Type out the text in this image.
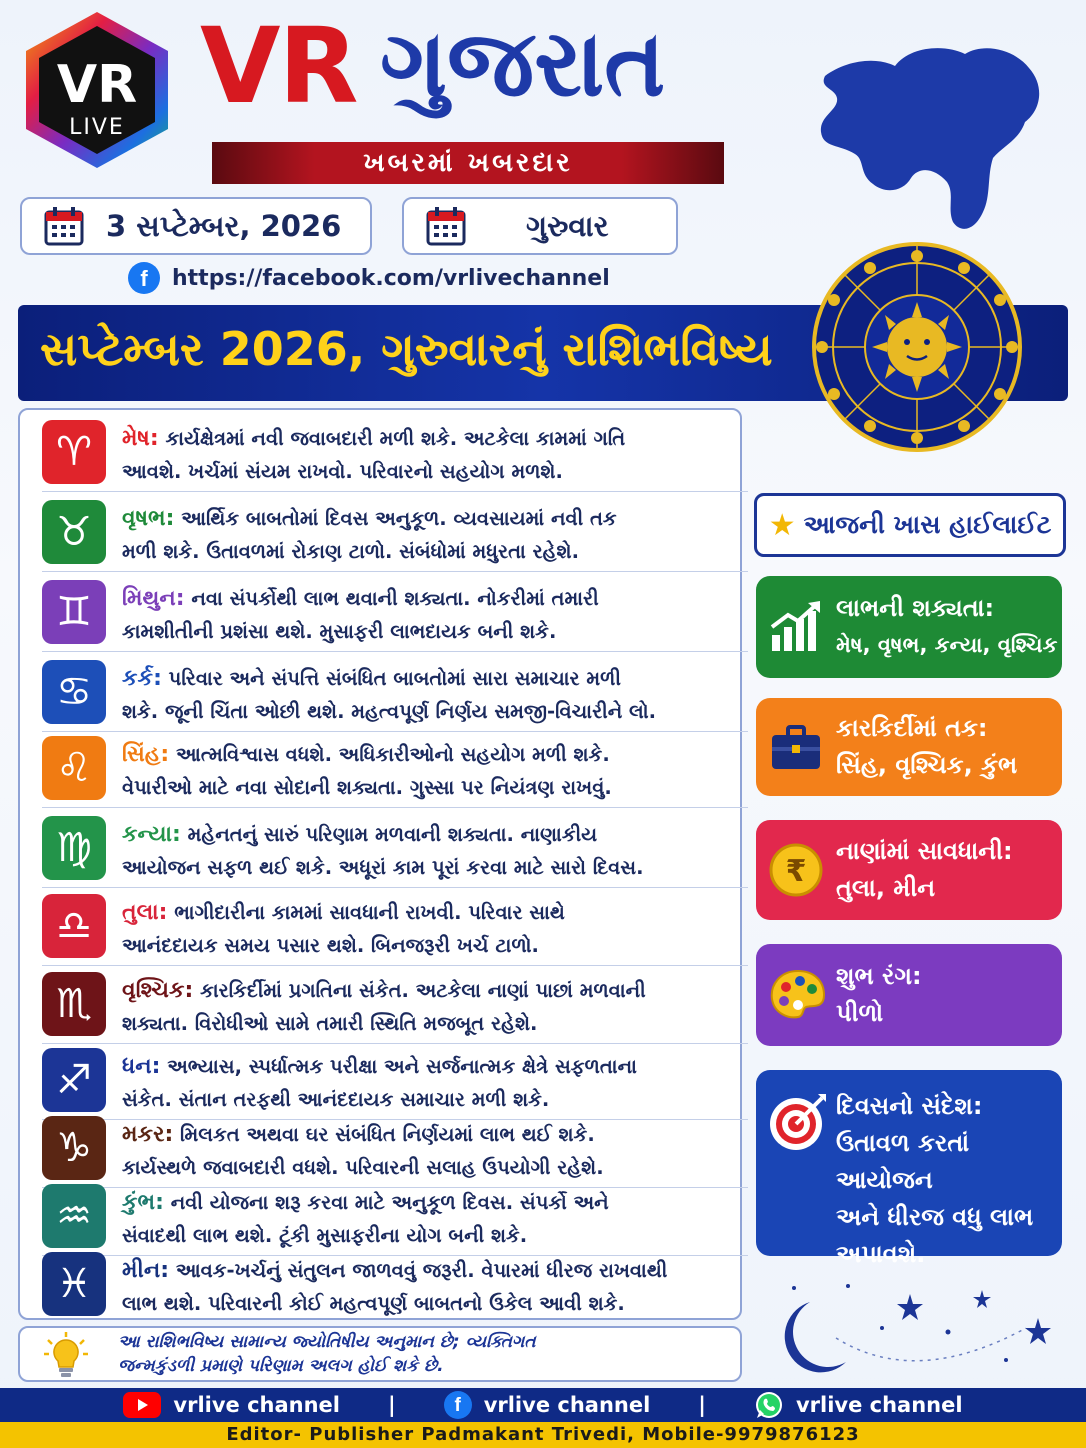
VR
LIVE
VR ગુજરાત
ખબરમાં ખબરદાર
3 સપ્ટેમ્બર, 2026	ગુરુવાર
f	https://facebook.com/vrlivechannel
સપ્ટેમ્બર 2026, ગુરુવારનું રાશિભવિષ્ય
♈	મેષ: કાર્યક્ષેત્રમાં નવી જવાબદારી મળી શકે. અટકેલા કામમાં ગતિ
આવશે. ખર્ચમાં સંયમ રાખવો. પરિવારનો સહયોગ મળશે.
♉	વૃષભ: આર્થિક બાબતોમાં દિવસ અનુકૂળ. વ્યવસાયમાં નવી તક
મળી શકે. ઉતાવળમાં રોકાણ ટાળો. સંબંધોમાં મધુરતા રહેશે.
♊	મિથુન: નવા સંપર્કોથી લાભ થવાની શક્યતા. નોકરીમાં તમારી
કામશીતીની પ્રશંસા થશે. મુસાફરી લાભદાયક બની શકે.
♋	કર્ક: પરિવાર અને સંપત્તિ સંબંધિત બાબતોમાં સારા સમાચાર મળી
શકે. જૂની ચિંતા ઓછી થશે. મહત્વપૂર્ણ નિર્ણય સમજી-વિચારીને લો.
♌	સિંહ: આત્મવિશ્વાસ વધશે. અધિકારીઓનો સહયોગ મળી શકે.
વેપારીઓ માટે નવા સોદાની શક્યતા. ગુસ્સા પર નિયંત્રણ રાખવું.
♍	કન્યા: મહેનતનું સારું પરિણામ મળવાની શક્યતા. નાણાકીય
આયોજન સફળ થઈ શકે. અધૂરાં કામ પૂરાં કરવા માટે સારો દિવસ.
♎	તુલા: ભાગીદારીના કામમાં સાવધાની રાખવી. પરિવાર સાથે
આનંદદાયક સમય પસાર થશે. બિનજરૂરી ખર્ચ ટાળો.
♏	વૃશ્ચિક: કારકિર્દીમાં પ્રગતિના સંકેત. અટકેલા નાણાં પાછાં મળવાની
શક્યતા. વિરોધીઓ સામે તમારી સ્થિતિ મજબૂત રહેશે.
♐	ધન: અભ્યાસ, સ્પર્ધાત્મક પરીક્ષા અને સર્જનાત્મક ક્ષેત્રે સફળતાના
સંકેત. સંતાન તરફથી આનંદદાયક સમાચાર મળી શકે.
♑	મકર: મિલકત અથવા ઘર સંબંધિત નિર્ણયમાં લાભ થઈ શકે.
કાર્યસ્થળે જવાબદારી વધશે. પરિવારની સલાહ ઉપયોગી રહેશે.
♒	કુંભ: નવી યોજના શરૂ કરવા માટે અનુકૂળ દિવસ. સંપર્કો અને
સંવાદથી લાભ થશે. ટૂંકી મુસાફરીના યોગ બની શકે.
♓	મીન: આવક-ખર્ચનું સંતુલન જાળવવું જરૂરી. વેપારમાં ધીરજ રાખવાથી
લાભ થશે. પરિવારની કોઈ મહત્વપૂર્ણ બાબતનો ઉકેલ આવી શકે.
★ આજની ખાસ હાઈલાઈટ
લાભની શક્યતા:
મેષ, વૃષભ, કન્યા, વૃશ્ચિક
કારકિર્દીમાં તક:
સિંહ, વૃશ્ચિક, કુંભ
₹
નાણાંમાં સાવધાની:
તુલા, મીન
શુભ રંગ:
પીળો
દિવસનો સંદેશ:
ઉતાવળ કરતાં આયોજન
અને ધીરજ વધુ લાભ
અપાવશે.
આ રાશિભવિષ્ય સામાન્ય જ્યોતિષીય અનુમાન છે; વ્યક્તિગત
જન્મકુંડળી પ્રમાણે પરિણામ અલગ હોઈ શકે છે.
vrlive channel |	f	vrlive channel |	vrlive channel
Editor- Publisher Padmakant Trivedi, Mobile-9979876123
